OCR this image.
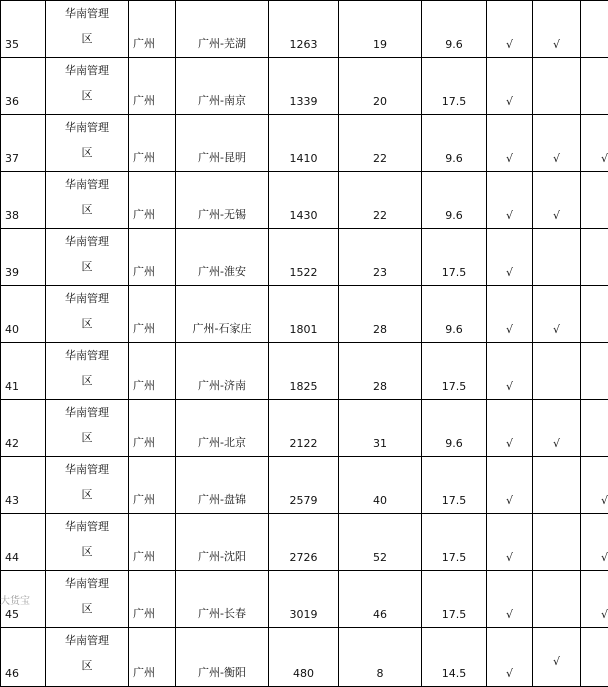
35	华南管理
区	广州	广州-芜湖	1263	19	9.6	√	√	
36	华南管理
区	广州	广州-南京	1339	20	17.5	√		
37	华南管理
区	广州	广州-昆明	1410	22	9.6	√	√	√
38	华南管理
区	广州	广州-无锡	1430	22	9.6	√	√	
39	华南管理
区	广州	广州-淮安	1522	23	17.5	√		
40	华南管理
区	广州	广州-石家庄	1801	28	9.6	√	√	
41	华南管理
区	广州	广州-济南	1825	28	17.5	√		
42	华南管理
区	广州	广州-北京	2122	31	9.6	√	√	
43	华南管理
区	广州	广州-盘锦	2579	40	17.5	√		√
44	华南管理
区	广州	广州-沈阳	2726	52	17.5	√		√
45	华南管理
区	广州	广州-长春	3019	46	17.5	√		√
46	华南管理
区	广州	广州-衡阳	480	8	14.5	√	√	
大货宝
